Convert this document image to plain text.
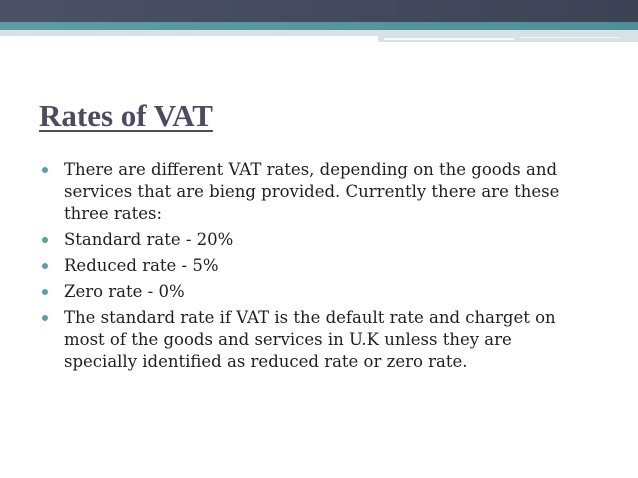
Rates of VAT
There are different VAT rates, depending on the goods and services that are bieng provided. Currently there are these three rates:
Standard rate - 20%
Reduced rate - 5%
Zero rate - 0%
The standard rate if VAT is the default rate and charget on most of the goods and services in U.K unless they are specially identified as reduced rate or zero rate.
